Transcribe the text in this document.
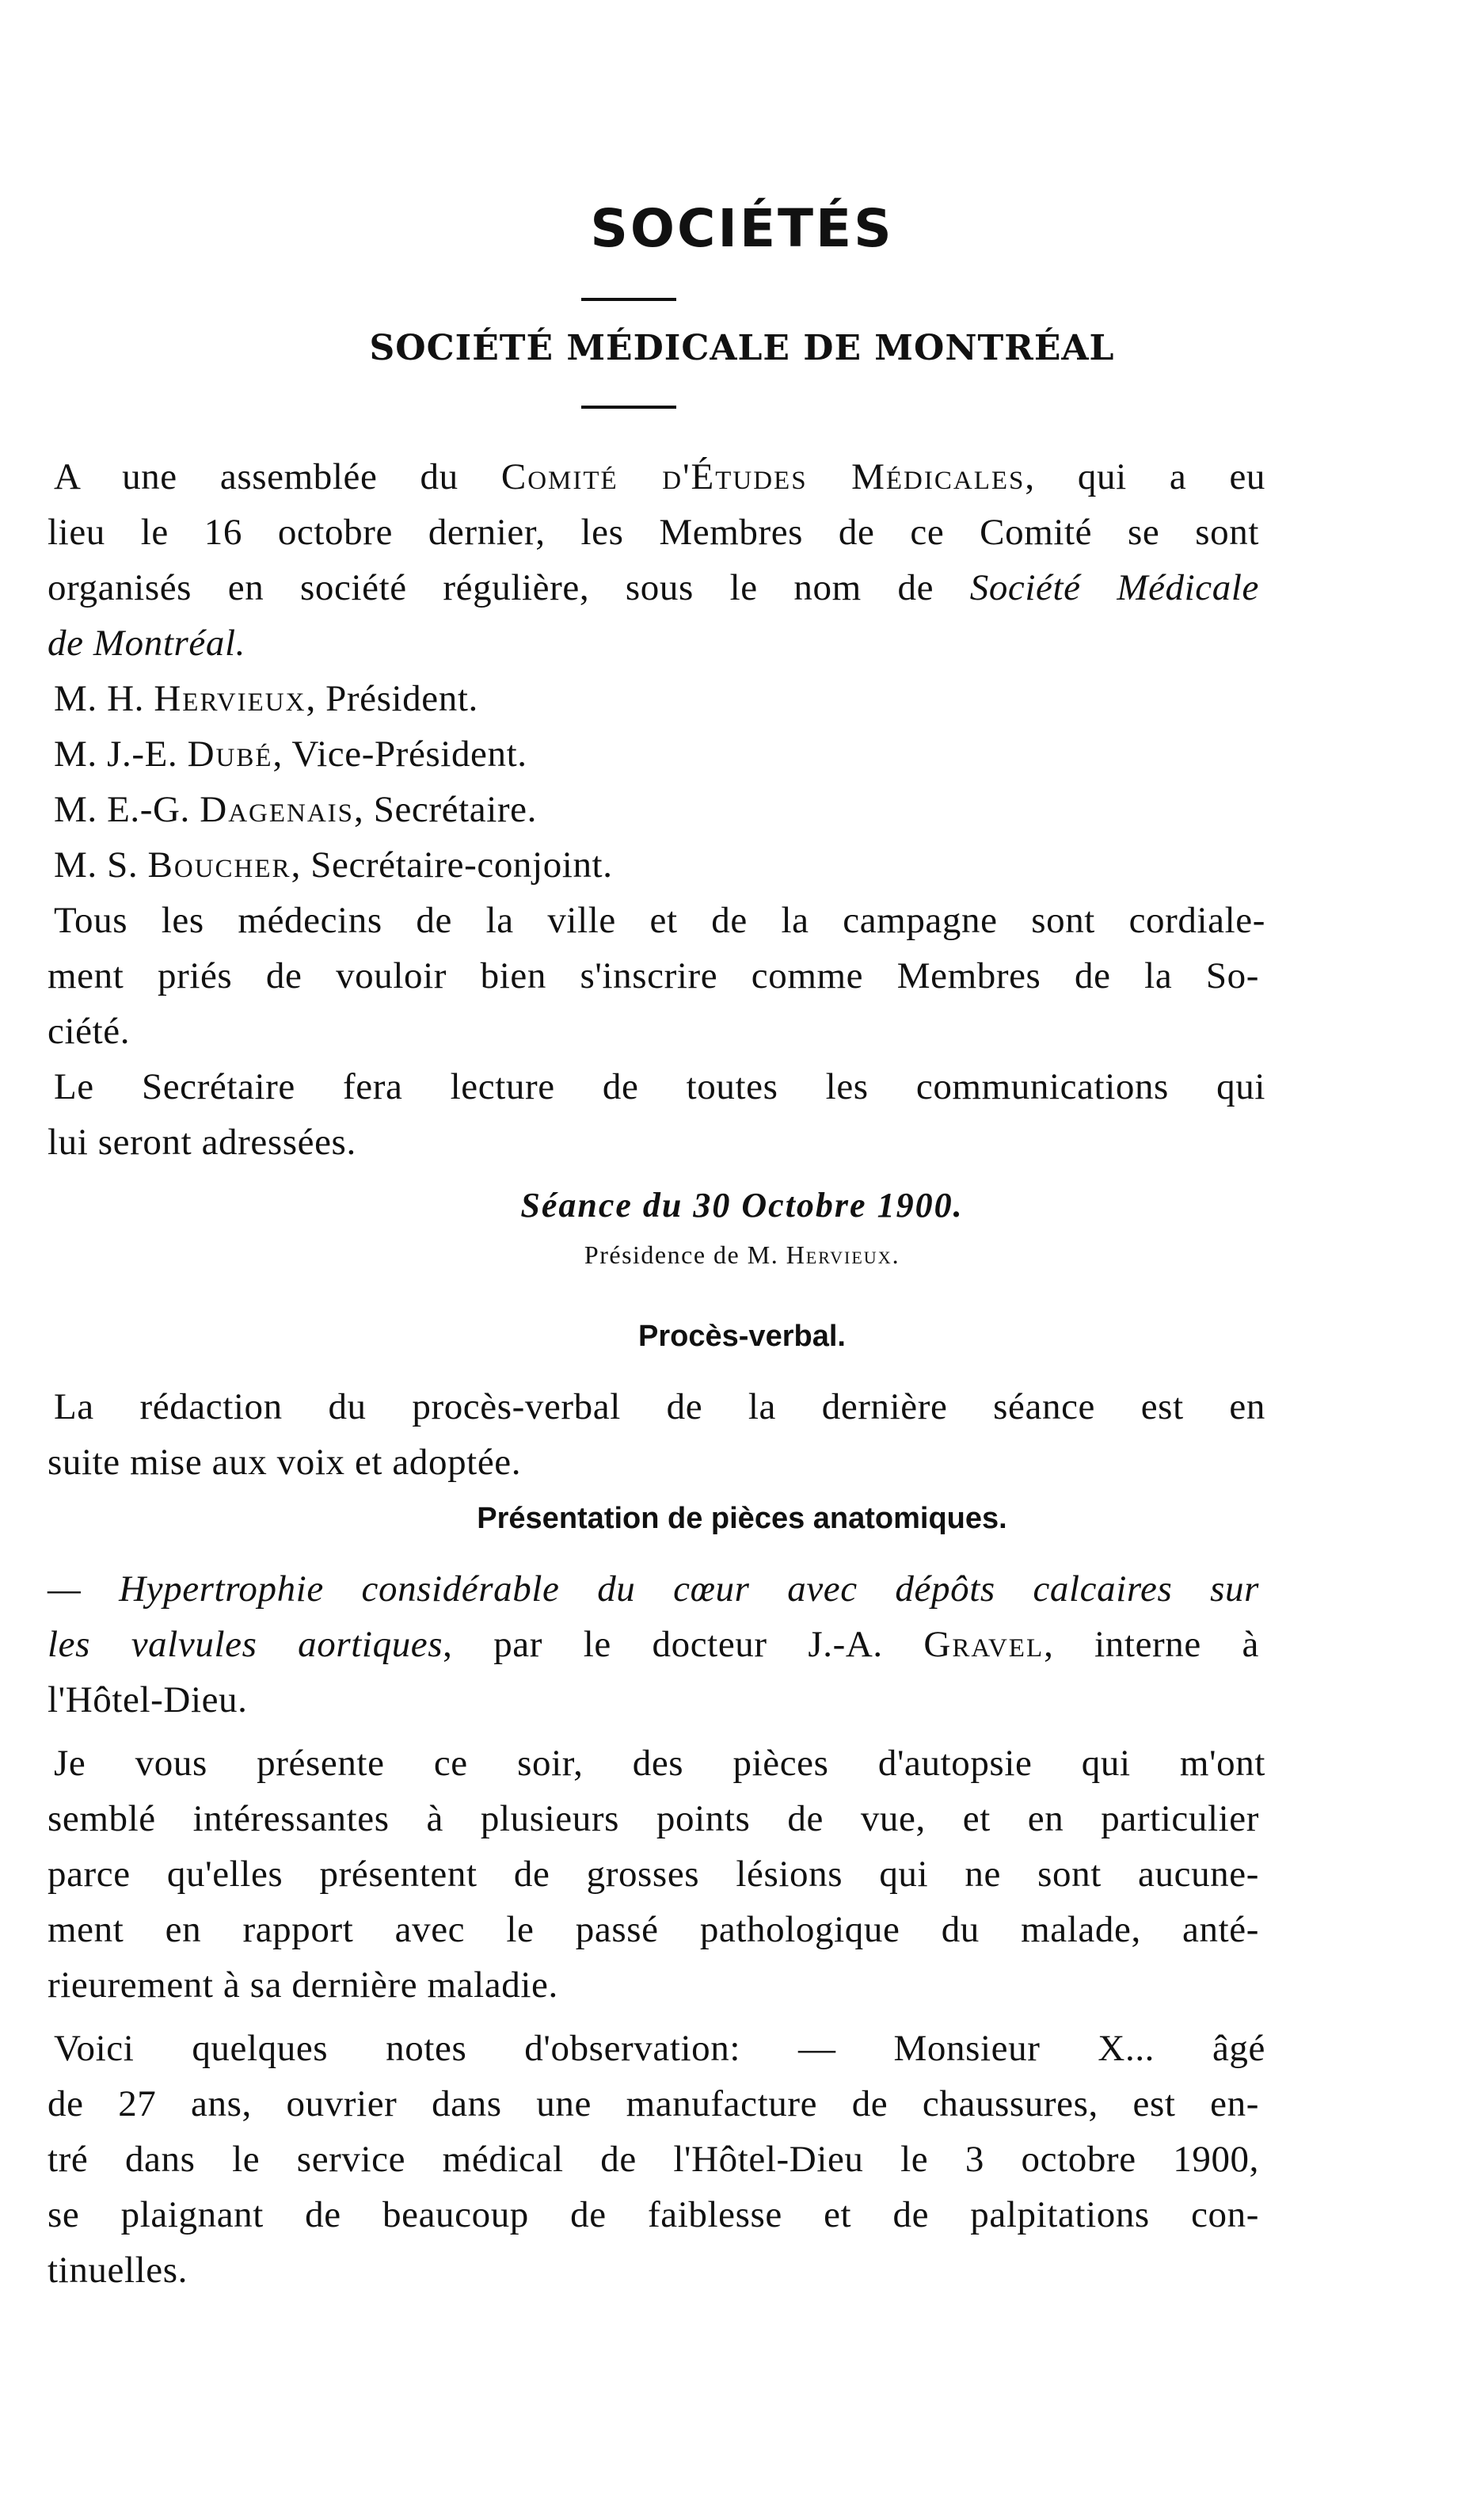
SOCIÉTÉS
SOCIÉTÉ MÉDICALE DE MONTRÉAL
A une assemblée du Comité d'Études Médicales, qui a eu
lieu le 16 octobre dernier, les Membres de ce Comité se sont
organisés en société régulière, sous le nom de Société Médicale
de Montréal.
M. H. Hervieux, Président.
M. J.-E. Dubé, Vice-Président.
M. E.-G. Dagenais, Secrétaire.
M. S. Boucher, Secrétaire-conjoint.
Tous les médecins de la ville et de la campagne sont cordiale-
ment priés de vouloir bien s'inscrire comme Membres de la So-
ciété.
Le Secrétaire fera lecture de toutes les communications qui
lui seront adressées.
Séance du 30 Octobre 1900.
Présidence de M. Hervieux.
Procès-verbal.
La rédaction du procès-verbal de la dernière séance est en
suite mise aux voix et adoptée.
Présentation de pièces anatomiques.
— Hypertrophie considérable du cœur avec dépôts calcaires sur
les valvules aortiques, par le docteur J.-A. Gravel, interne à
l'Hôtel-Dieu.
Je vous présente ce soir, des pièces d'autopsie qui m'ont
semblé intéressantes à plusieurs points de vue, et en particulier
parce qu'elles présentent de grosses lésions qui ne sont aucune-
ment en rapport avec le passé pathologique du malade, anté-
rieurement à sa dernière maladie.
Voici quelques notes d'observation: — Monsieur X... âgé
de 27 ans, ouvrier dans une manufacture de chaussures, est en-
tré dans le service médical de l'Hôtel-Dieu le 3 octobre 1900,
se plaignant de beaucoup de faiblesse et de palpitations con-
tinuelles.
